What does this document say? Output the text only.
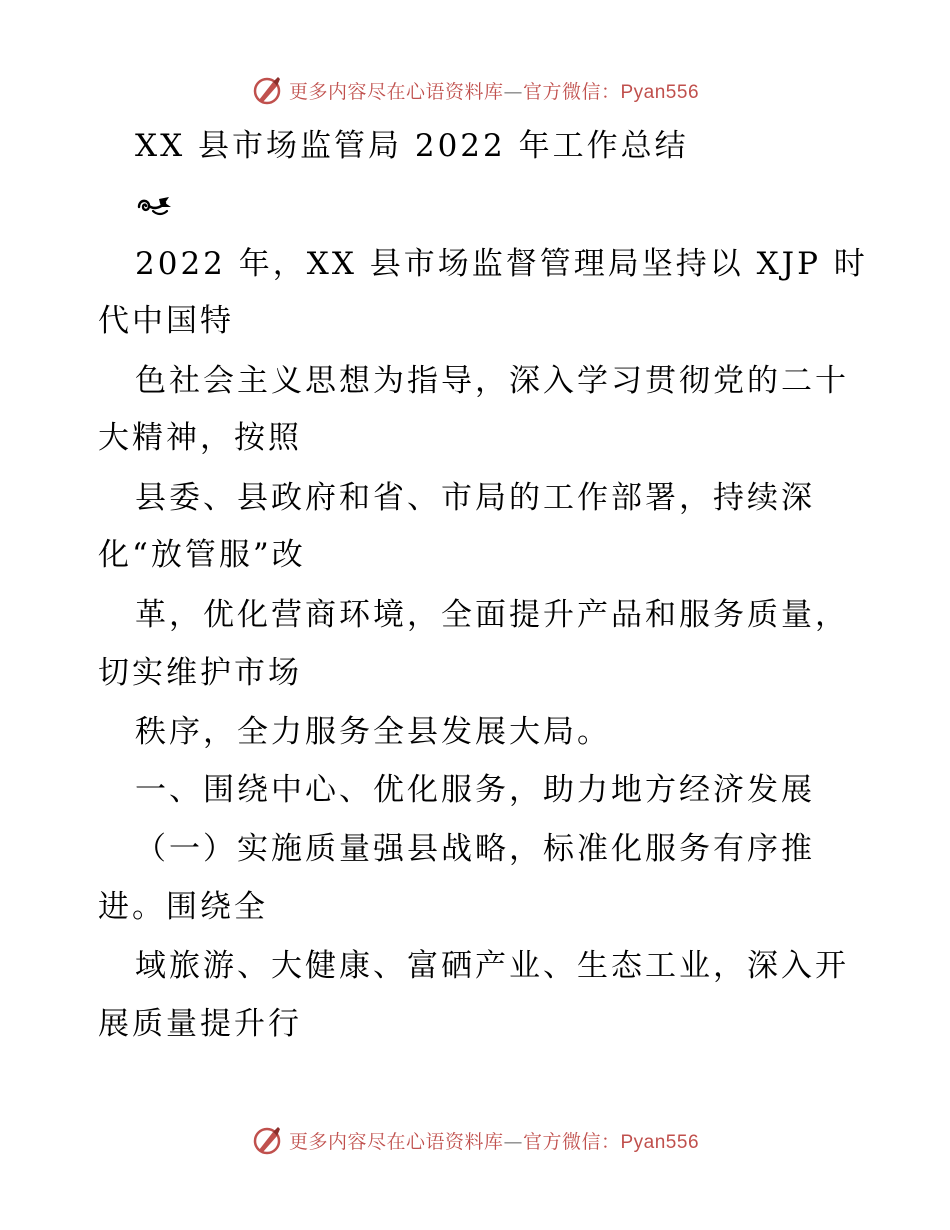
更多内容尽在心语资料库—官方微信：Pyan556
XX 县市场监管局 2022 年工作总结
2022 年，XX 县市场监督管理局坚持以 XJP 时
代中国特
色社会主义思想为指导，深入学习贯彻党的二十
大精神，按照
县委、县政府和省、市局的工作部署，持续深
化“放管服”改
革，优化营商环境，全面提升产品和服务质量，
切实维护市场
秩序，全力服务全县发展大局。
一、围绕中心、优化服务，助力地方经济发展
（一）实施质量强县战略，标准化服务有序推
进。围绕全
域旅游、大健康、富硒产业、生态工业，深入开
展质量提升行
更多内容尽在心语资料库—官方微信：Pyan556
